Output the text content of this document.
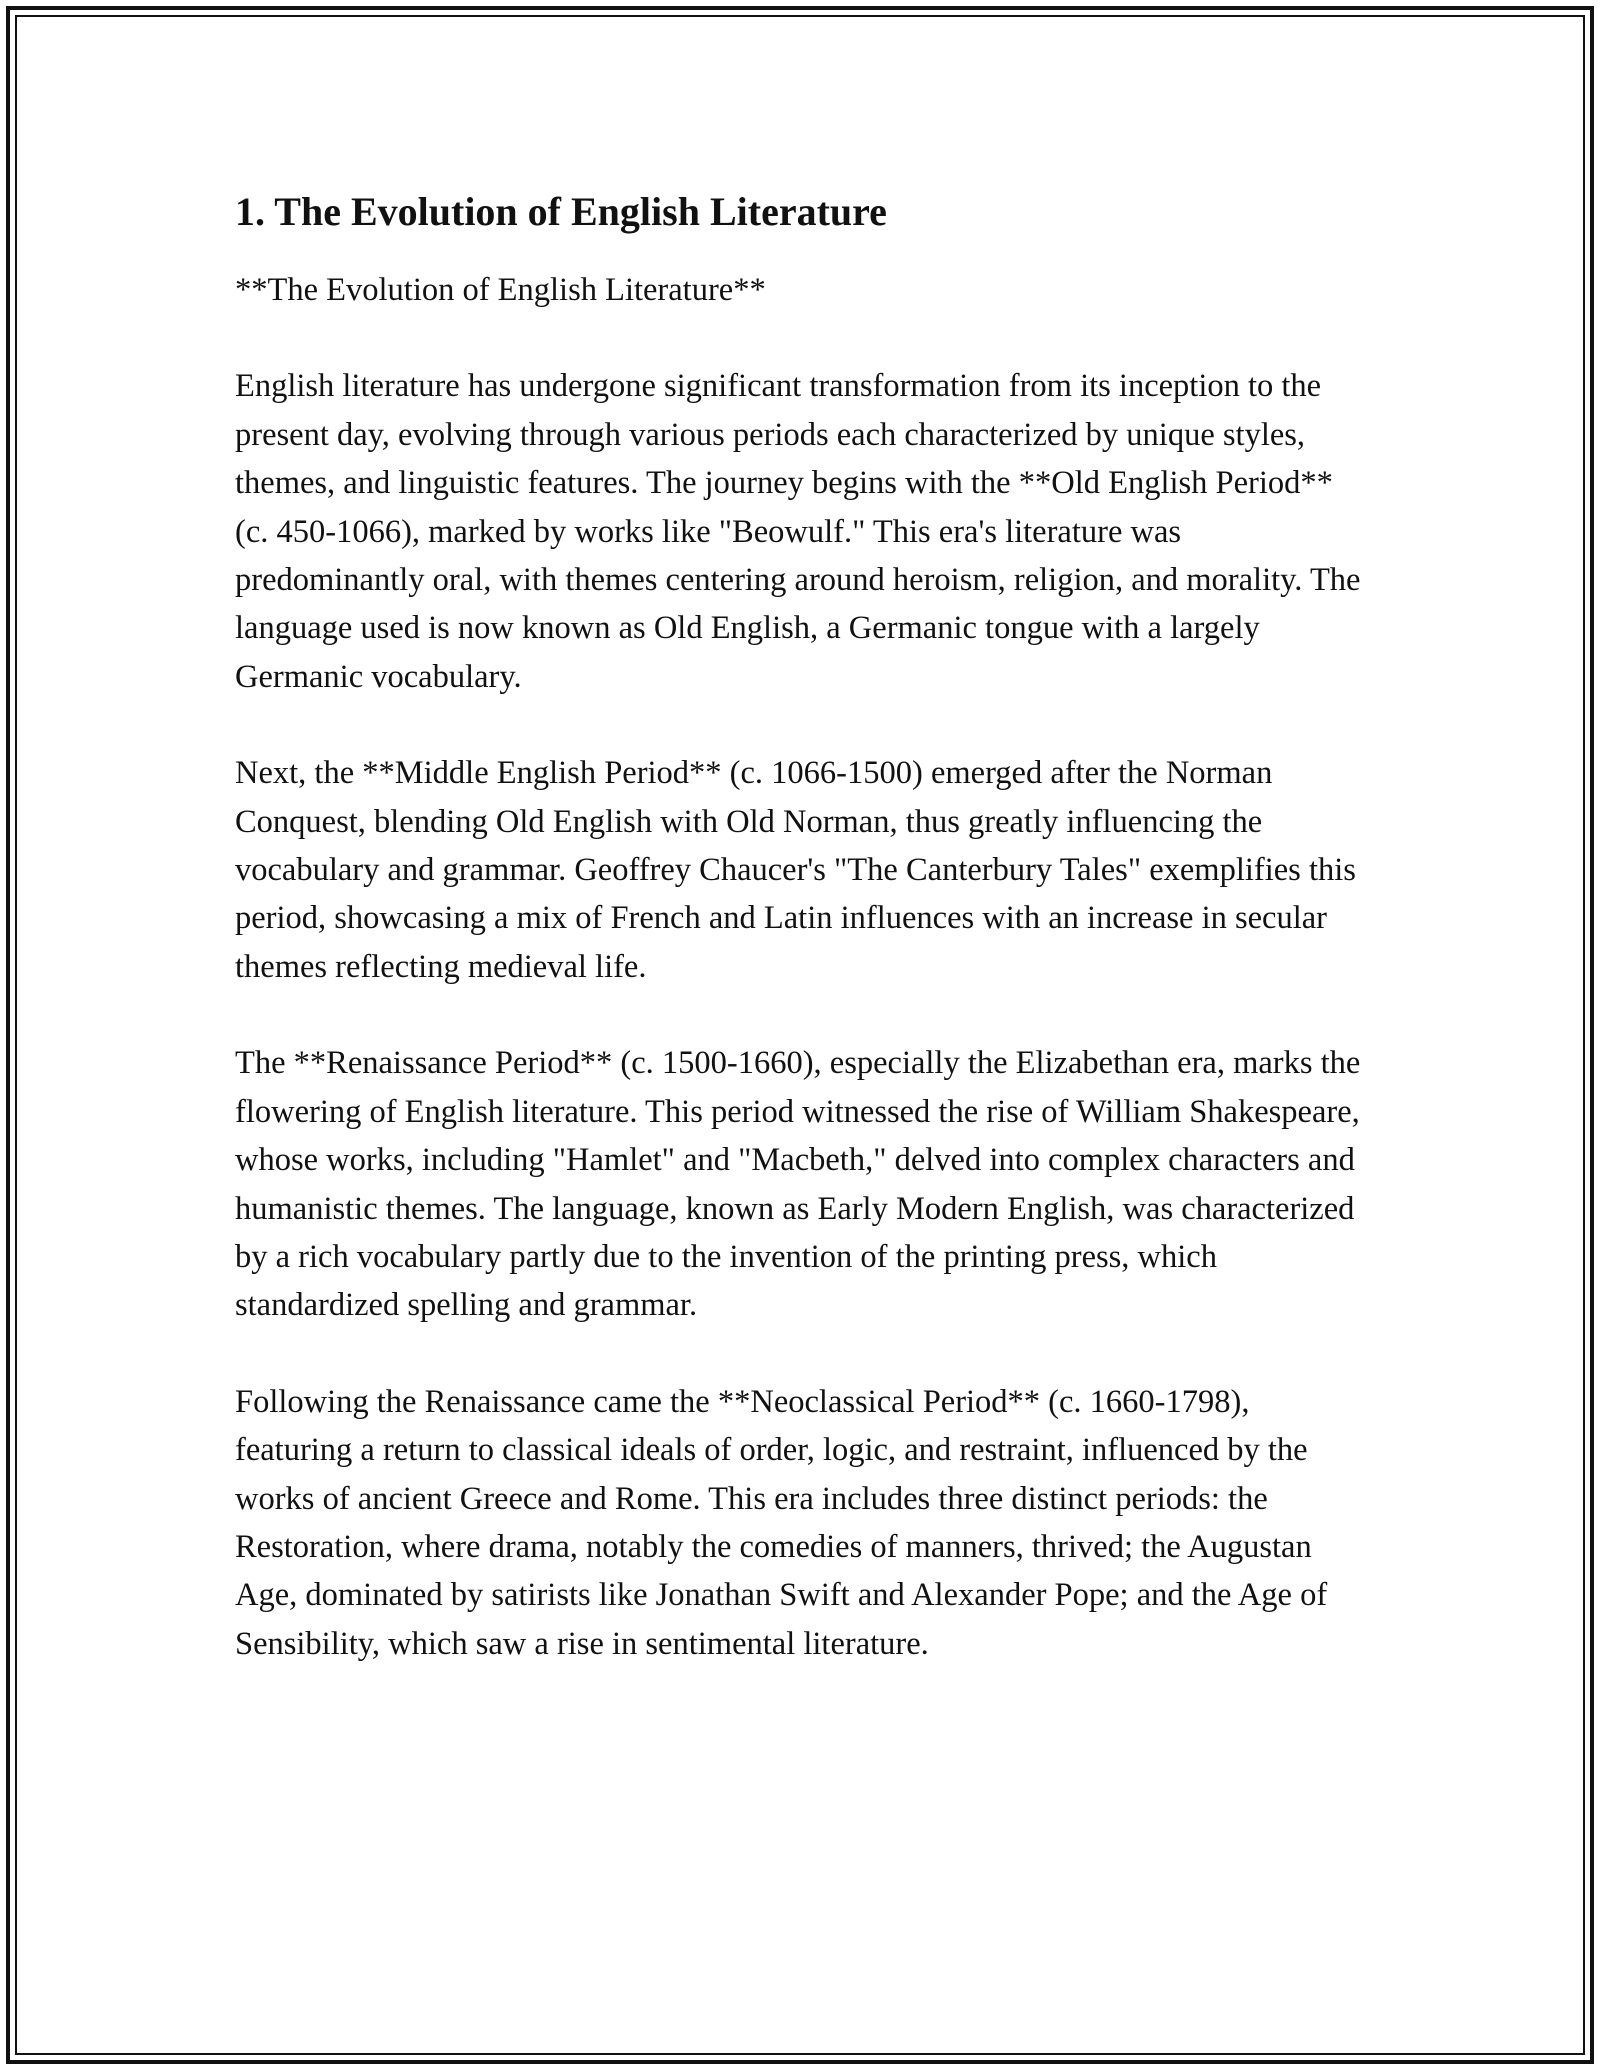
1. The Evolution of English Literature

**The Evolution of English Literature**

English literature has undergone significant transformation from its inception to the present day, evolving through various periods each characterized by unique styles, themes, and linguistic features. The journey begins with the **Old English Period** (c. 450-1066), marked by works like "Beowulf." This era's literature was predominantly oral, with themes centering around heroism, religion, and morality. The language used is now known as Old English, a Germanic tongue with a largely Germanic vocabulary.

Next, the **Middle English Period** (c. 1066-1500) emerged after the Norman Conquest, blending Old English with Old Norman, thus greatly influencing the vocabulary and grammar. Geoffrey Chaucer's "The Canterbury Tales" exemplifies this period, showcasing a mix of French and Latin influences with an increase in secular themes reflecting medieval life.

The **Renaissance Period** (c. 1500-1660), especially the Elizabethan era, marks the flowering of English literature. This period witnessed the rise of William Shakespeare, whose works, including "Hamlet" and "Macbeth," delved into complex characters and humanistic themes. The language, known as Early Modern English, was characterized by a rich vocabulary partly due to the invention of the printing press, which standardized spelling and grammar.

Following the Renaissance came the **Neoclassical Period** (c. 1660-1798), featuring a return to classical ideals of order, logic, and restraint, influenced by the works of ancient Greece and Rome. This era includes three distinct periods: the Restoration, where drama, notably the comedies of manners, thrived; the Augustan Age, dominated by satirists like Jonathan Swift and Alexander Pope; and the Age of Sensibility, which saw a rise in sentimental literature.
